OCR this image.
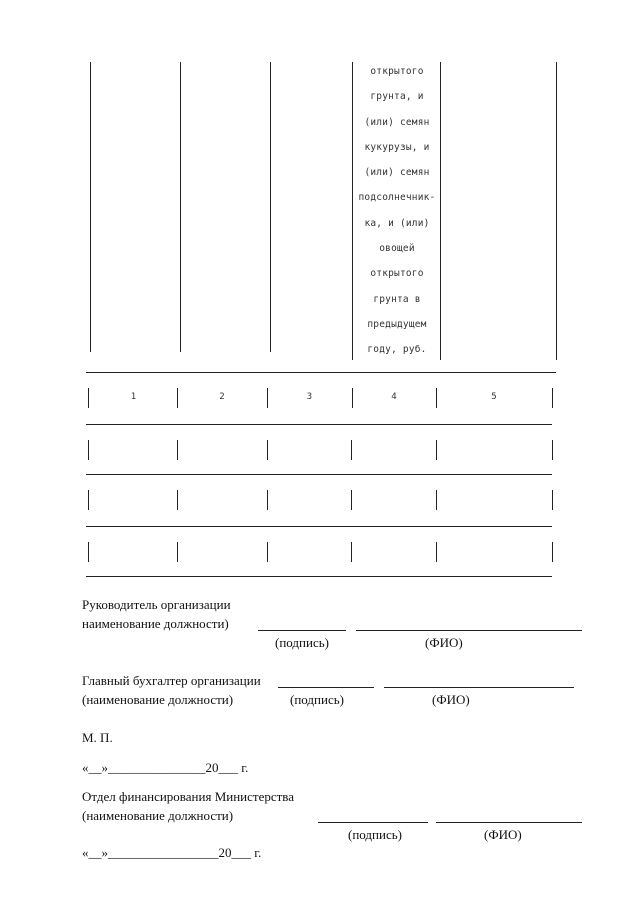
открытого
грунта, и
(или) семян
кукурузы, и
(или) семян
подсолнечник-
ка, и (или)
овощей
открытого
грунта в
предыдущем
году, руб.
1	2	3	4	5
Руководитель организации
наименование должности)
(подпись)	(ФИО)
Главный бухгалтер организации
(наименование должности)	(подпись)	(ФИО)
М. П.
«__»_______________20___ г.
Отдел финансирования Министерства
(наименование должности)
(подпись)	(ФИО)
«__»_________________20___ г.
